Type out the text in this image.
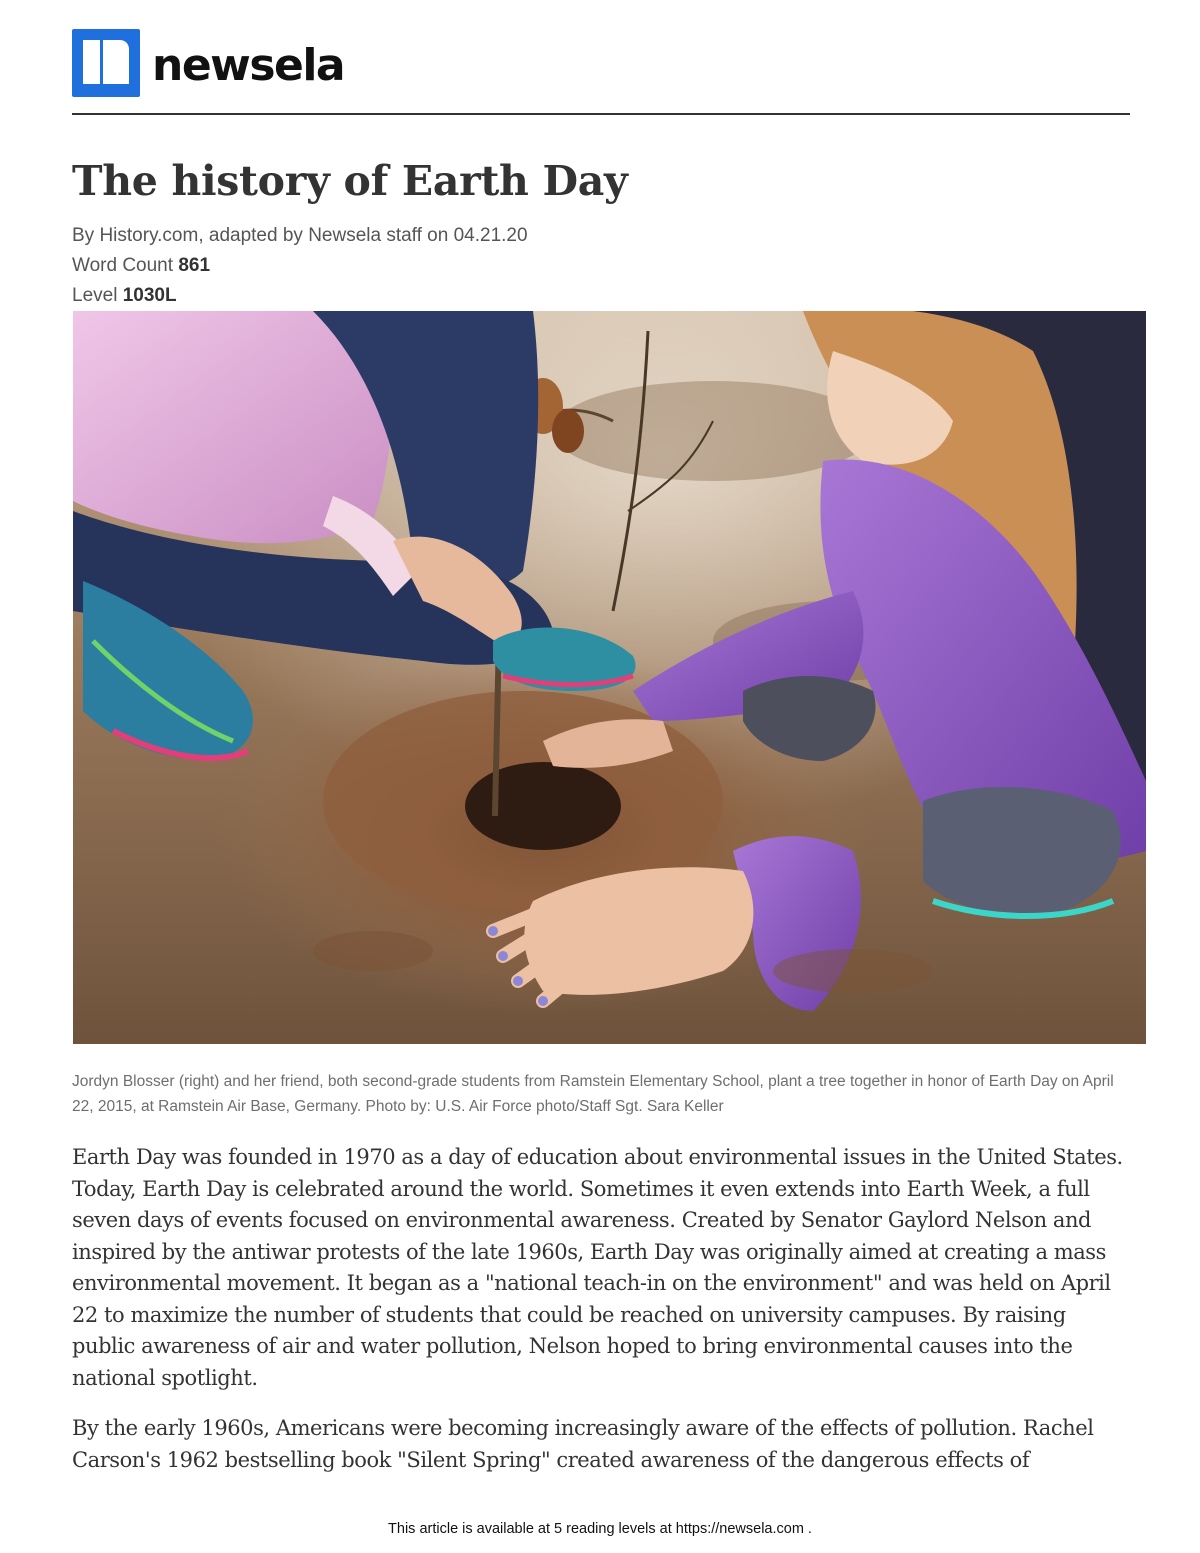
newsela
The history of Earth Day
By History.com, adapted by Newsela staff on 04.21.20
Word Count 861
Level 1030L

Jordyn Blosser (right) and her friend, both second-grade students from Ramstein Elementary School, plant a tree together in honor of Earth Day on April 22, 2015, at Ramstein Air Base, Germany. Photo by: U.S. Air Force photo/Staff Sgt. Sara Keller

Earth Day was founded in 1970 as a day of education about environmental issues in the United States. Today, Earth Day is celebrated around the world. Sometimes it even extends into Earth Week, a full seven days of events focused on environmental awareness. Created by Senator Gaylord Nelson and inspired by the antiwar protests of the late 1960s, Earth Day was originally aimed at creating a mass environmental movement. It began as a "national teach-in on the environment" and was held on April 22 to maximize the number of students that could be reached on university campuses. By raising public awareness of air and water pollution, Nelson hoped to bring environmental causes into the national spotlight.

By the early 1960s, Americans were becoming increasingly aware of the effects of pollution. Rachel Carson's 1962 bestselling book "Silent Spring" created awareness of the dangerous effects of

This article is available at 5 reading levels at https://newsela.com .
